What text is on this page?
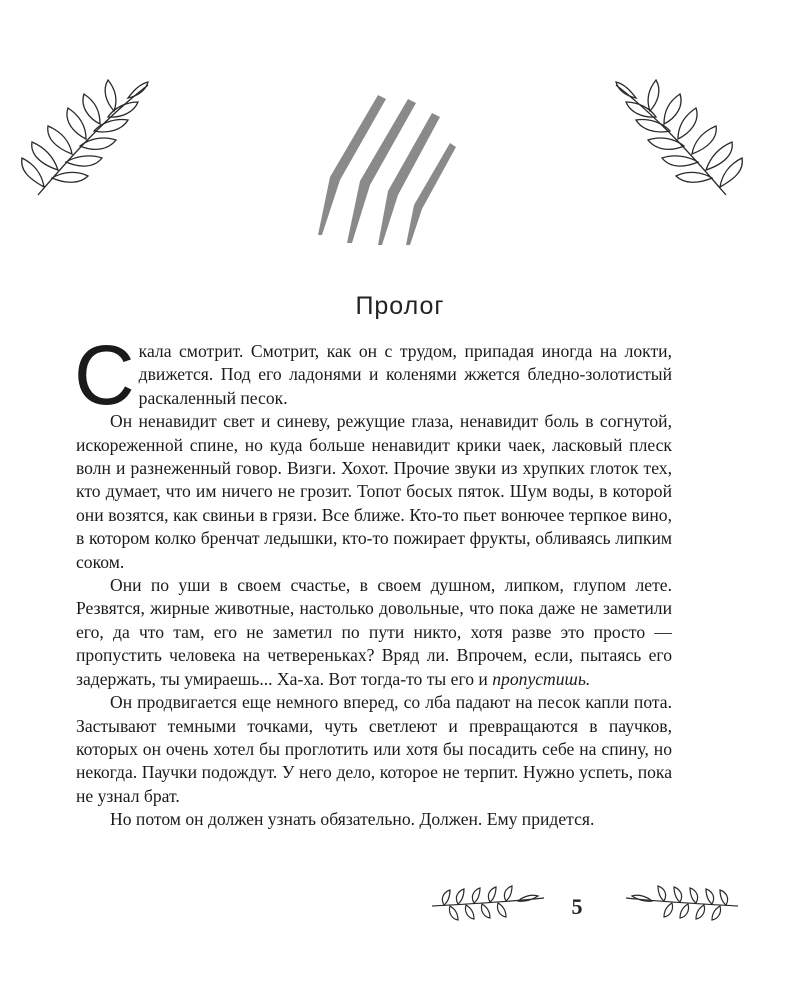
Пролог

Скала смотрит. Смотрит, как он с трудом, припадая иногда на локти, движется. Под его ладонями и коленями жжется бледно-золотистый раскаленный песок.

Он ненавидит свет и синеву, режущие глаза, ненавидит боль в согнутой, искореженной спине, но куда больше ненавидит крики чаек, ласковый плеск волн и разнеженный говор. Визги. Хохот. Прочие звуки из хрупких глоток тех, кто думает, что им ничего не грозит. Топот босых пяток. Шум воды, в которой они возятся, как свиньи в грязи. Все ближе. Кто-то пьет вонючее терпкое вино, в котором колко бренчат ледышки, кто-то пожирает фрукты, обливаясь липким соком.

Они по уши в своем счастье, в своем душном, липком, глупом лете. Резвятся, жирные животные, настолько довольные, что пока даже не заметили его, да что там, его не заметил по пути никто, хотя разве это просто — пропустить человека на четвереньках? Вряд ли. Впрочем, если, пытаясь его задержать, ты умираешь... Ха-ха. Вот тогда-то ты его и пропустишь.

Он продвигается еще немного вперед, со лба падают на песок капли пота. Застывают темными точками, чуть светлеют и превращаются в паучков, которых он очень хотел бы проглотить или хотя бы посадить себе на спину, но некогда. Паучки подождут. У него дело, которое не терпит. Нужно успеть, пока не узнал брат.

Но потом он должен узнать обязательно. Должен. Ему придется.

5
